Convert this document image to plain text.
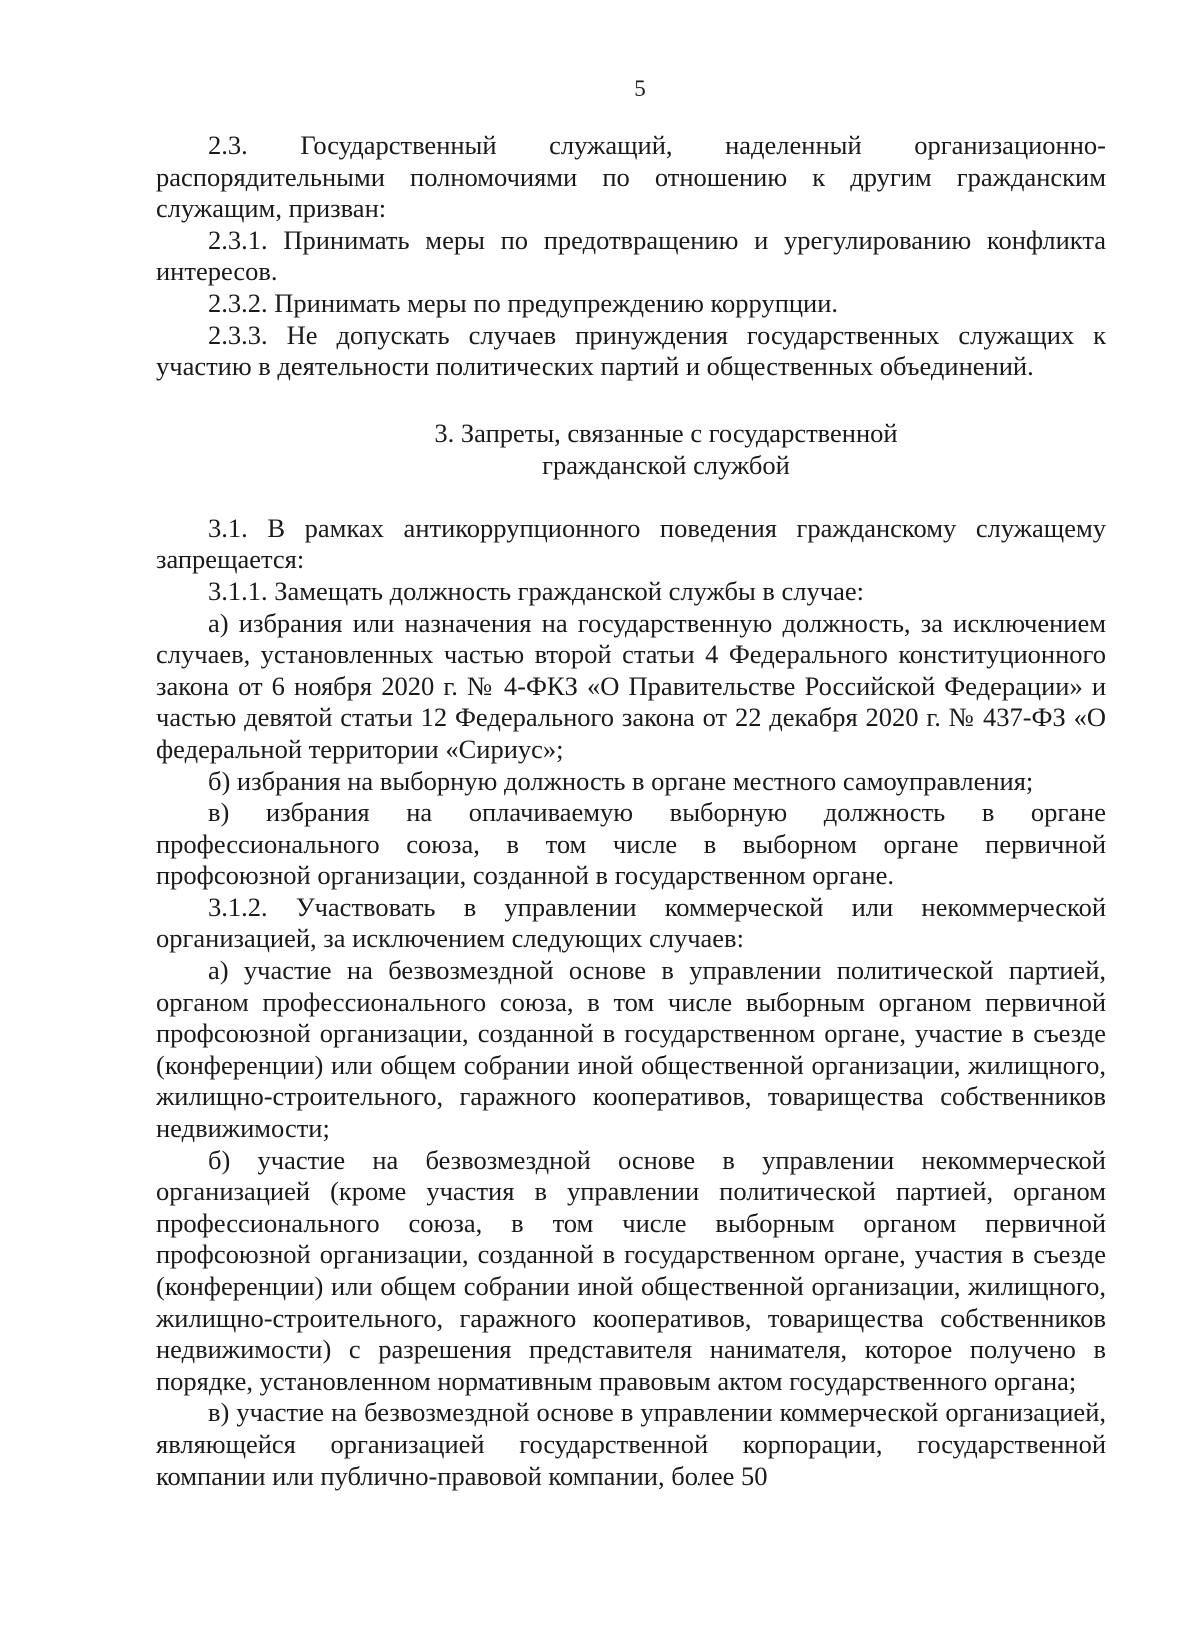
5

2.3. Государственный служащий, наделенный организационно-распорядительными полномочиями по отношению к другим гражданским служащим, призван:

2.3.1. Принимать меры по предотвращению и урегулированию конфликта интересов.

2.3.2. Принимать меры по предупреждению коррупции.

2.3.3. Не допускать случаев принуждения государственных служащих к участию в деятельности политических партий и общественных объединений.

3. Запреты, связанные с государственной

гражданской службой

3.1. В рамках антикоррупционного поведения гражданскому служащему запрещается:

3.1.1. Замещать должность гражданской службы в случае:

а) избрания или назначения на государственную должность, за исключением случаев, установленных частью второй статьи 4 Федерального конституционного закона от 6 ноября 2020 г. № 4-ФКЗ «О Правительстве Российской Федерации» и частью девятой статьи 12 Федерального закона от 22 декабря 2020 г. № 437-ФЗ «О федеральной территории «Сириус»;

б) избрания на выборную должность в органе местного самоуправления;

в) избрания на оплачиваемую выборную должность в органе профессионального союза, в том числе в выборном органе первичной профсоюзной организации, созданной в государственном органе.

3.1.2. Участвовать в управлении коммерческой или некоммерческой организацией, за исключением следующих случаев:

а) участие на безвозмездной основе в управлении политической партией, органом профессионального союза, в том числе выборным органом первичной профсоюзной организации, созданной в государственном органе, участие в съезде (конференции) или общем собрании иной общественной организации, жилищного, жилищно-строительного, гаражного кооперативов, товарищества собственников недвижимости;

б) участие на безвозмездной основе в управлении некоммерческой организацией (кроме участия в управлении политической партией, органом профессионального союза, в том числе выборным органом первичной профсоюзной организации, созданной в государственном органе, участия в съезде (конференции) или общем собрании иной общественной организации, жилищного, жилищно-строительного, гаражного кооперативов, товарищества собственников недвижимости) с разрешения представителя нанимателя, которое получено в порядке, установленном нормативным правовым актом государственного органа;

в) участие на безвозмездной основе в управлении коммерческой организацией, являющейся организацией государственной корпорации, государственной компании или публично-правовой компании, более 50
